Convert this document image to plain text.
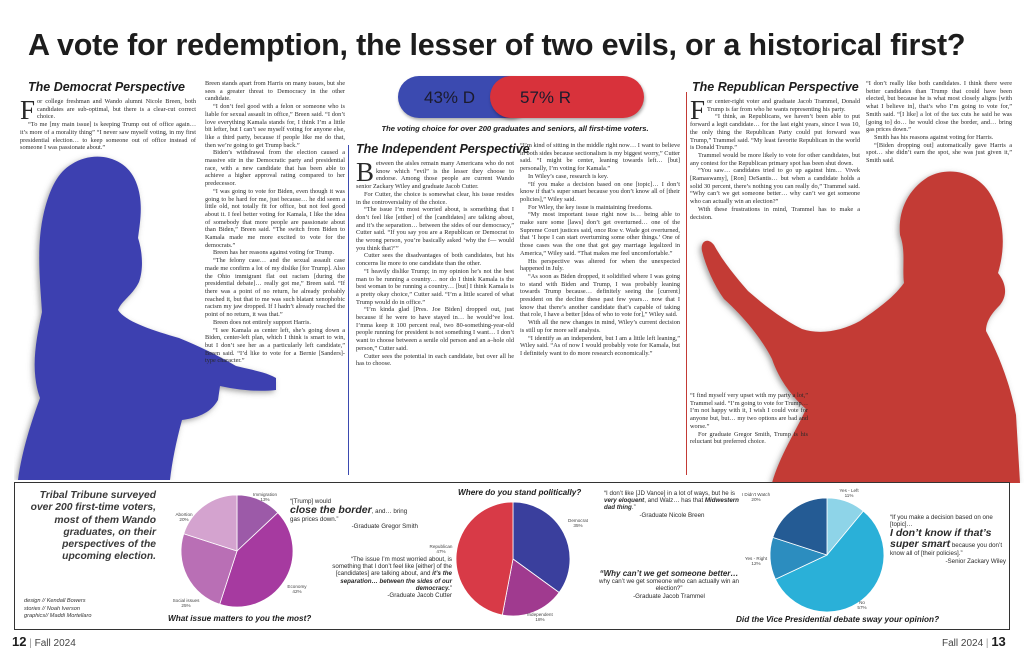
A vote for redemption, the lesser of two evils, or a historical first?
43% D	57% R
The voting choice for over 200 graduates and seniors, all first-time voters.
The Democrat Perspective

For college freshman and Wando alumni Nicole Breen, both candidates are sub-optimal, but there is a clear-cut correct choice.

“To me [my main issue] is keeping Trump out of office again… it’s more of a morality thing” “I never saw myself voting, in my first presidential election… to keep someone out of office instead of someone I was passionate about.”

Breen stands apart from Harris on many issues, but she sees a greater threat to Democracy in the other candidate.

“I don’t feel good with a felon or someone who is liable for sexual assault in office,” Breen said. “I don’t love everything Kamala stands for, I think I’m a little bit lefter, but I can’t see myself voting for anyone else, like a third party, because if people like me do that, then we’re going to get Trump back.”

Biden’s withdrawal from the election caused a massive stir in the Democratic party and presidential race, with a new candidate that has been able to achieve a higher approval rating compared to her predecessor.

“I was going to vote for Biden, even though it was going to be hard for me, just because… he did seem a little old, not totally fit for office, but not feel good about it. I feel better voting for Kamala, I like the idea of somebody that more people are passionate about than Biden,” Breen said. “The switch from Biden to Kamala made me more excited to vote for the democrats.”

Breen has her reasons against voting for Trump.

“The felony case… and the sexual assault case made me confirm a lot of my dislike [for Trump]. Also the Ohio immigrant flat out racism [during the presidential debate]… really got me,” Breen said. “If there was a point of no return, he already probably reached it, but that to me was such blatant xenophobic racism my jaw dropped. If I hadn’t already reached the point of no return, it was that.”

Breen does not entirely support Harris.

“I see Kamala as center left, she’s going down a Biden, center-left plan, which I think is smart to win, but I don’t see her as a particularly left candidate,” Breen said. “I’d like to vote for a Bernie [Sanders]-type character.”

The Independent Perspective

Between the aisles remain many Americans who do not know which “evil” is the lesser they choose to endorse. Among those people are current Wando senior Zackary Wiley and graduate Jacob Cutter.

For Cutter, the choice is somewhat clear, his issue resides in the controversiality of the choice.

“The issue I’m most worried about, is something that I don’t feel like [either] of the [candidates] are talking about, and it’s the separation… between the sides of our democracy,” Cutter said. “If you say you are a Republican or Democrat to the wrong person, you’re basically asked ‘why the f— would you think that?’”

Cutter sees the disadvantages of both candidates, but his concerns lie more to one candidate than the other.

“I heavily dislike Trump; in my opinion he’s not the best man to be running a country… nor do I think Kamala is the best woman to be running a country… [but] I think Kamala is a pretty okay choice,” Cutter said. “I’m a little scared of what Trump would do in office.”

“I’m kinda glad [Pres. Joe Biden] dropped out, just because if he were to have stayed in… he would’ve lost. I’mma keep it 100 percent real, two 80-something-year-old people running for president is not something I want… I don’t want to choose between a senile old person and an a–hole old person,” Cutter said.

Cutter sees the potential in each candidate, but over all he has to choose.

“I’m kind of sitting in the middle right now… I want to believe in both sides because sectionalism is my biggest worry,” Cutter said. “I might be center, leaning towards left… [but] personally, I’m voting for Kamala.”

In Wiley’s case, research is key.

“If you make a decision based on one [topic]… I don’t know if that’s super smart because you don’t know all of [their policies],” Wiley said.

For Wiley, the key issue is maintaining freedoms.

“My most important issue right now is… being able to make sure some [laws] don’t get overturned… one of the Supreme Court justices said, once Roe v. Wade got overturned, that ‘I hope I can start overturning some other things.’ One of those cases was the one that got gay marriage legalized in America,” Wiley said. “That makes me feel uncomfortable.”

His perspective was altered for when the unexpected happened in July.

“As soon as Biden dropped, it solidified where I was going to stand with Biden and Trump, I was probably leaning towards Trump because… definitely seeing the [current] president on the decline these past few years… now that I know that there’s another candidate that’s capable of taking that role, I have a better [idea of who to vote for],” Wiley said.

With all the new changes in mind, Wiley’s current decision is still up for more self analysis.

“I identify as an independent, but I am a little left leaning,” Wiley said. “As of now I would probably vote for Kamala, but I definitely want to do more research economically.”

The Republican Perspective

For center-right voter and graduate Jacob Trammel, Donald Trump is far from who he wants representing his party.

“I think, as Republicans, we haven’t been able to put forward a legit candidate… for the last eight years, since I was 10, the only thing the Republican Party could put forward was Trump,” Trammel said. “My least favorite Republican in the world is Donald Trump.”

Trammel would be more likely to vote for other candidates, but any contest for the Republican primary spot has been shut down.

“You saw… candidates tried to go up against him… Vivek [Ramaswamy], [Ron] DeSantis… but when a candidate holds a solid 30 percent, there’s nothing you can really do,” Trammel said. “Why can’t we get someone better… why can’t we get someone who can actually win an election?”

With these frustrations in mind, Trammel has to make a decision.

“I find myself very upset with my party a lot,” Trammel said. “I’m going to vote for Trump… I’m not happy with it, I wish I could vote for anyone but, but… my two options are bad and worse.”

For graduate Gregor Smith, Trump is his reluctant but preferred choice.

“I don’t really like both candidates. I think there were better candidates than Trump that could have been elected, but because he is what most closely aligns [with what I believe in], that’s who I’m going to vote for,” Smith said. “[I like] a lot of the tax cuts he said he was [going to] do… he would close the border, and… bring gas prices down.”

Smith has his reasons against voting for Harris.

“[Biden dropping out] automatically gave Harris a spot… she didn’t earn the spot, she was just given it,” Smith said.

Tribal Tribune surveyed over 200 first-time voters, most of them Wando graduates, on their perspectives of the upcoming election.
design // Kendall Bowers
stories // Noah Iverson
graphics// Maddi Mortellaro	What issue matters to you the most?
Immigration
13%
Economy
42%
Social issues
25%
Abortion
20%
“[Trump] would
close the border, and… bring gas prices down.”
-Graduate Gregor Smith
“The issue I’m most worried about, is something that I don’t feel like [either] of the [candidates] are talking about, and it’s the separation… between the sides of our democracy.”
-Graduate Jacob Cutter
Where do you stand politically?
Democrat
35%
Independent
18%
Republican
47%
“I don’t like [JD Vance] in a lot of ways, but he is very eloquent, and Walz… has that Midwestern dad thing.”
-Graduate Nicole Breen
“Why can’t we get someone better…
why can’t we get someone who can actually win an election?”
-Graduate Jacob Trammel
Did the Vice Presidential debate sway your opinion?
Yes - Left
11%
No
57%
Yes - Right
12%
I Didn't Watch
20%
“If you make a decision based on one [topic]…
I don’t know if that’s super smart because you don’t know all of [their policies].”
-Senior Zackary Wiley
12 | Fall 2024	Fall 2024 | 13
